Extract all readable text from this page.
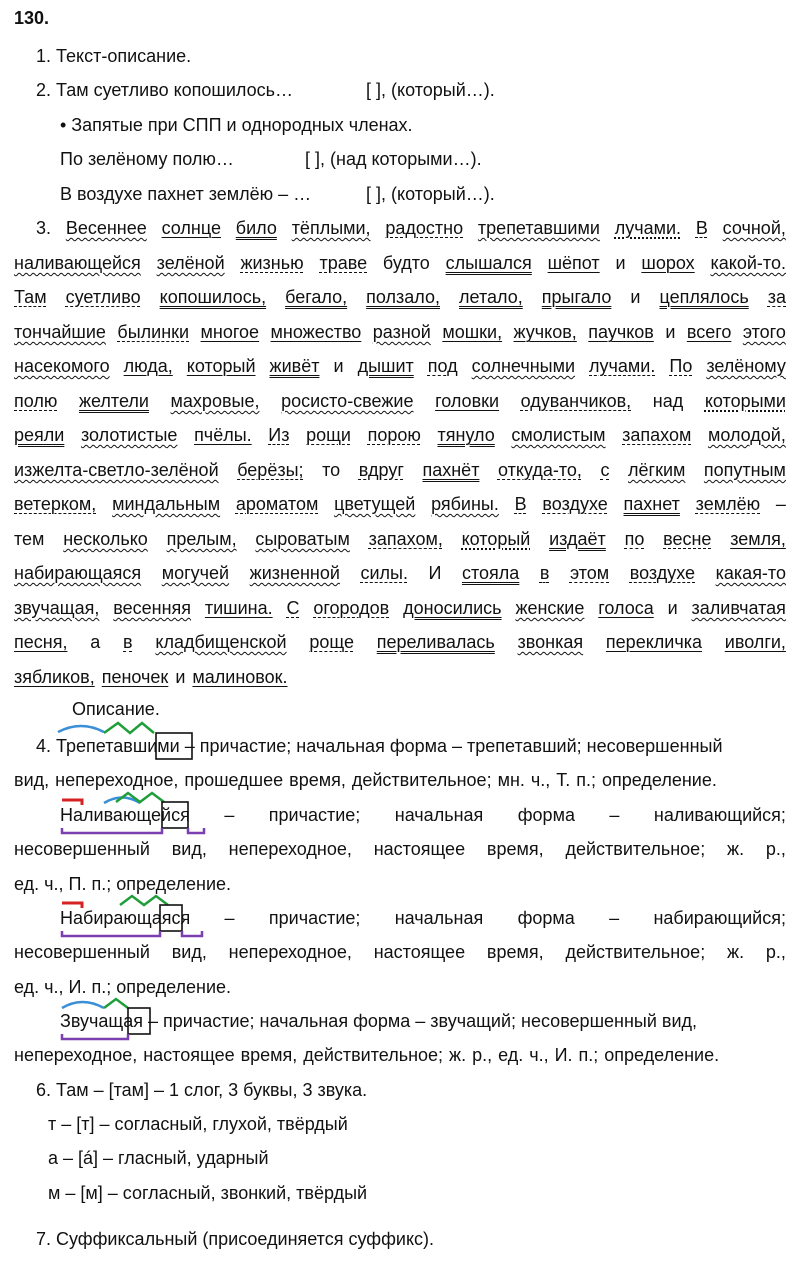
130.
1. Текст-описание.
2. Там суетливо копошилось…	[ ], (который…).
• Запятые при СПП и однородных членах.
По зелёному полю…	[ ], (над которыми…).
В воздухе пахнет землёю – …	[ ], (который…).
3. Весеннее солнце било тёплыми, радостно трепетавшими лучами. В сочной,
наливающейся зелёной жизнью траве будто слышался шёпот и шорох какой-то.
Там суетливо копошилось, бегало, ползало, летало, прыгало и цеплялось за
тончайшие былинки многое множество разной мошки, жучков, паучков и всего этого
насекомого люда, который живёт и дышит под солнечными лучами. По зелёному
полю желтели махровые, росисто-свежие головки одуванчиков, над которыми
реяли золотистые пчёлы. Из рощи порою тянуло смолистым запахом молодой,
изжелта-светло-зелёной берёзы; то вдруг пахнёт откуда-то, с лёгким попутным
ветерком, миндальным ароматом цветущей рябины. В воздухе пахнет землёю –
тем несколько прелым, сыроватым запахом, который издаёт по весне земля,
набирающаяся могучей жизненной силы. И стояла в этом воздухе какая-то
звучащая, весенняя тишина. С огородов доносились женские голоса и заливчатая
песня, а в кладбищенской роще переливалась звонкая перекличка иволги,
зябликов, пеночек и малиновок.
Описание.
4. Трепетавшими – причастие; начальная форма – трепетавший; несовершенный
вид, непереходное, прошедшее время, действительное; мн. ч., Т. п.; определение.
Наливающейся – причастие; начальная форма – наливающийся;
несовершенный вид, непереходное, настоящее время, действительное; ж. р.,
ед. ч., П. п.; определение.
Набирающаяся – причастие; начальная форма – набирающийся;
несовершенный вид, непереходное, настоящее время, действительное; ж. р.,
ед. ч., И. п.; определение.
Звучащая – причастие; начальная форма – звучащий; несовершенный вид,
непереходное, настоящее время, действительное; ж. р., ед. ч., И. п.; определение.
6. Там – [там] – 1 слог, 3 буквы, 3 звука.
т – [т] – согласный, глухой, твёрдый
а – [á] – гласный, ударный
м – [м] – согласный, звонкий, твёрдый
7. Суффиксальный (присоединяется суффикс).
